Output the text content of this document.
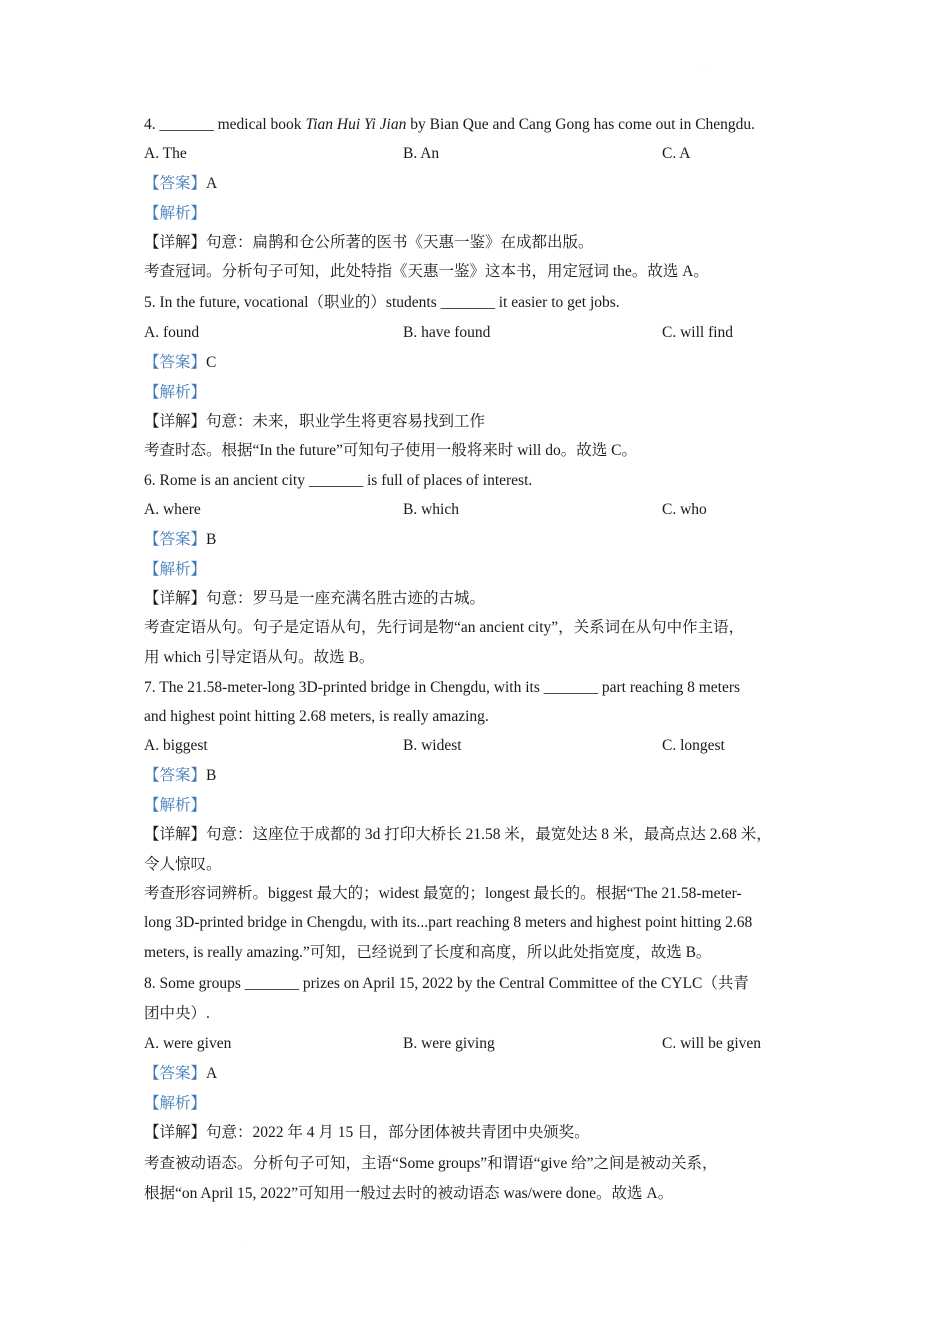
·
4. _______ medical book Tian Hui Yi Jian by Bian Que and Cang Gong has come out in Chengdu.
A. The	B. An	C. A
【答案】A
【解析】
【详解】句意：扁鹊和仓公所著的医书《天惠一鉴》在成都出版。
考查冠词。分析句子可知，此处特指《天惠一鉴》这本书，用定冠词 the。故选 A。
5. In the future, vocational（职业的）students _______ it easier to get jobs.
A. found	B. have found	C. will find
【答案】C
【解析】
【详解】句意：未来，职业学生将更容易找到工作
考查时态。根据“In the future”可知句子使用一般将来时 will do。故选 C。
6. Rome is an ancient city _______ is full of places of interest.
A. where	B. which	C. who
【答案】B
【解析】
【详解】句意：罗马是一座充满名胜古迹的古城。
考查定语从句。句子是定语从句，先行词是物“an ancient city”，关系词在从句中作主语，
用 which 引导定语从句。故选 B。
7. The 21.58-meter-long 3D-printed bridge in Chengdu, with its _______ part reaching 8 meters
and highest point hitting 2.68 meters, is really amazing.
A. biggest	B. widest	C. longest
【答案】B
【解析】
【详解】句意：这座位于成都的 3d 打印大桥长 21.58 米，最宽处达 8 米，最高点达 2.68 米，
令人惊叹。
考查形容词辨析。biggest 最大的；widest 最宽的；longest 最长的。根据“The 21.58-meter-
long 3D-printed bridge in Chengdu, with its...part reaching 8 meters and highest point hitting 2.68
meters, is really amazing.”可知，已经说到了长度和高度，所以此处指宽度，故选 B。
8. Some groups _______ prizes on April 15, 2022 by the Central Committee of the CYLC（共青
团中央）.
A. were given	B. were giving	C. will be given
【答案】A
【解析】
【详解】句意：2022 年 4 月 15 日，部分团体被共青团中央颁奖。
考查被动语态。分析句子可知，主语“Some groups”和谓语“give 给”之间是被动关系，
根据“on April 15, 2022”可知用一般过去时的被动语态 was/were done。故选 A。
·
